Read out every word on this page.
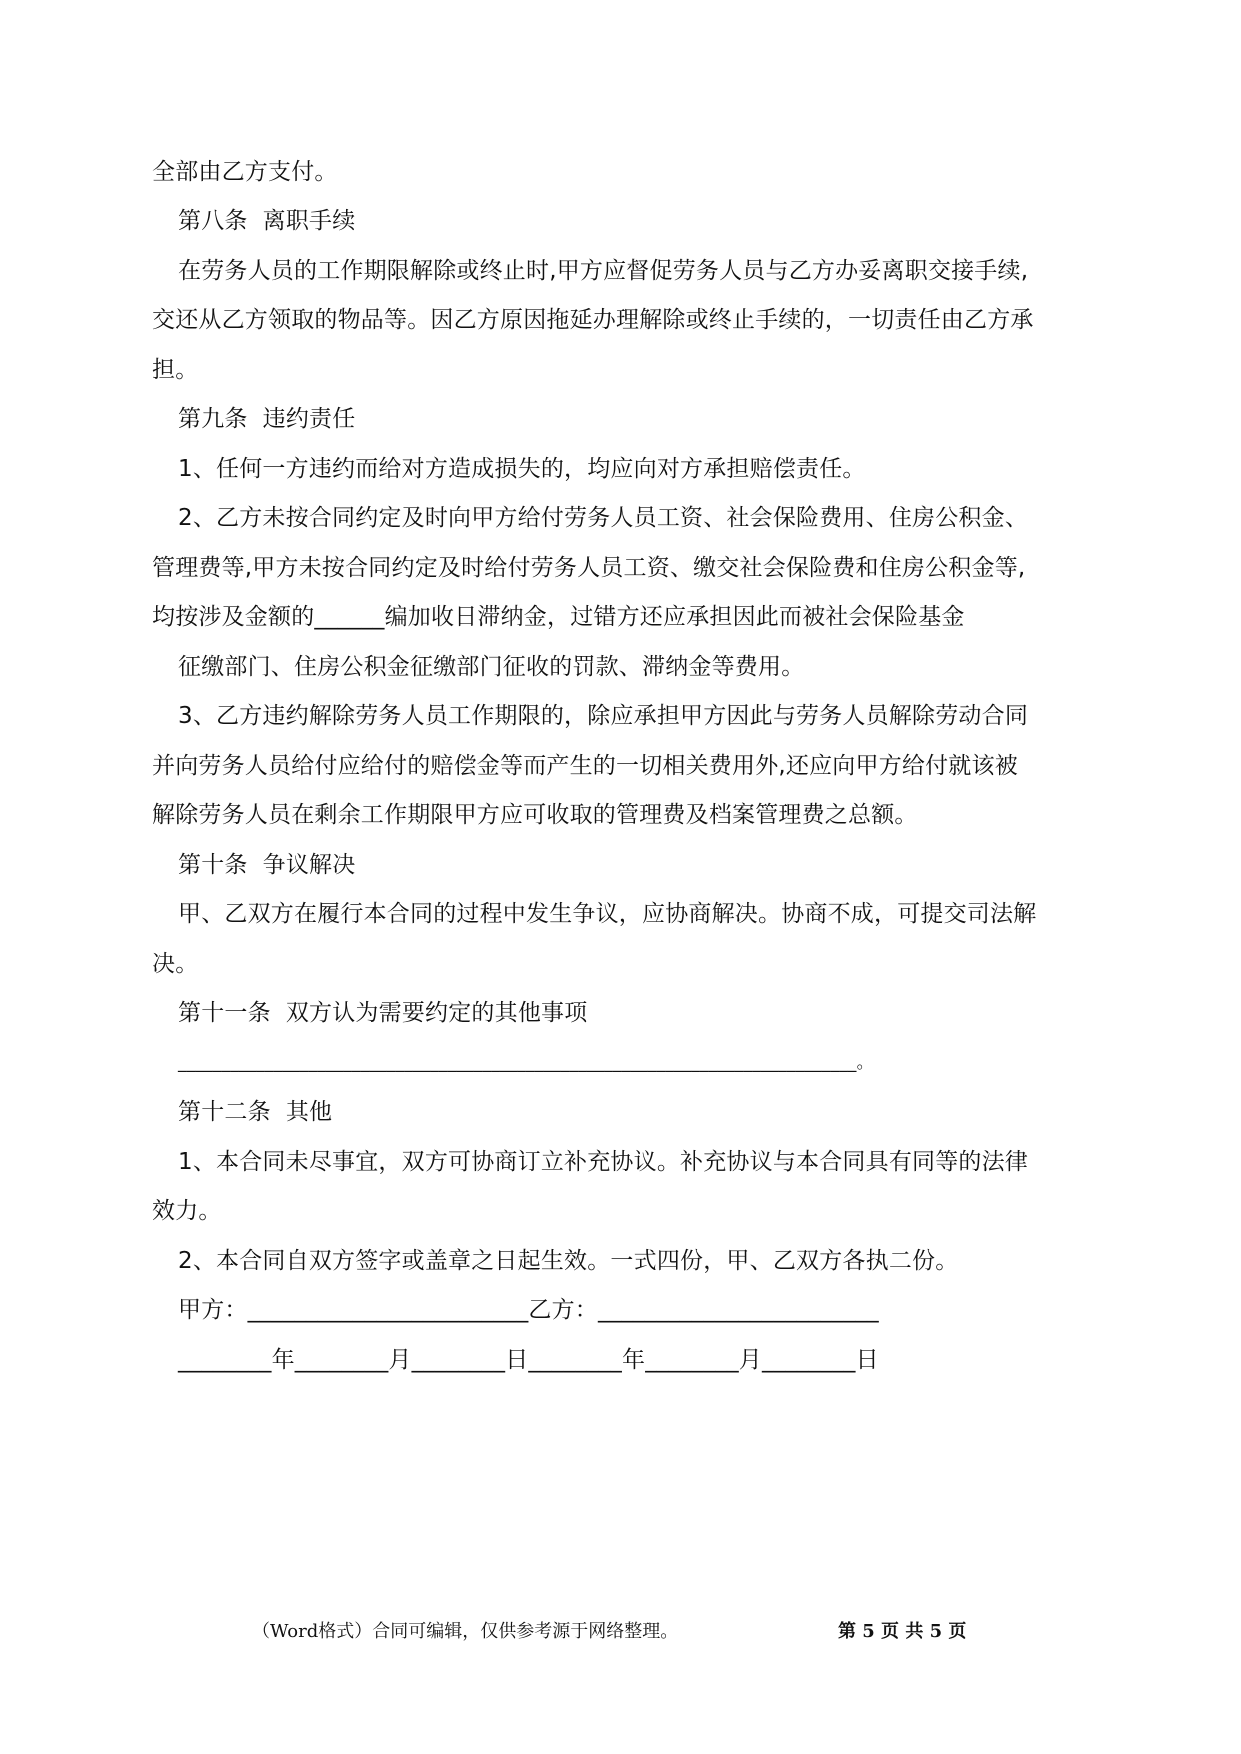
全部由乙方支付。
第八条  离职手续
在劳务人员的工作期限解除或终止时,甲方应督促劳务人员与乙方办妥离职交接手续,
交还从乙方领取的物品等。因乙方原因拖延办理解除或终止手续的，一切责任由乙方承
担。
第九条  违约责任
1、任何一方违约而给对方造成损失的，均应向对方承担赔偿责任。
2、乙方未按合同约定及时向甲方给付劳务人员工资、社会保险费用、住房公积金、
管理费等,甲方未按合同约定及时给付劳务人员工资、缴交社会保险费和住房公积金等,
均按涉及金额的______编加收日滞纳金，过错方还应承担因此而被社会保险基金
征缴部门、住房公积金征缴部门征收的罚款、滞纳金等费用。
3、乙方违约解除劳务人员工作期限的，除应承担甲方因此与劳务人员解除劳动合同
并向劳务人员给付应给付的赔偿金等而产生的一切相关费用外,还应向甲方给付就该被
解除劳务人员在剩余工作期限甲方应可收取的管理费及档案管理费之总额。
第十条  争议解决
甲、乙双方在履行本合同的过程中发生争议，应协商解决。协商不成，可提交司法解
决。
第十一条  双方认为需要约定的其他事项
______________________________________________________________________________。
第十二条  其他
1、本合同未尽事宜，双方可协商订立补充协议。补充协议与本合同具有同等的法律
效力。
2、本合同自双方签字或盖章之日起生效。一式四份，甲、乙双方各执二份。
甲方：________________________乙方：________________________
________年________月________日________年________月________日
（Word格式）合同可编辑，仅供参考源于网络整理。	第 5 页 共 5 页
